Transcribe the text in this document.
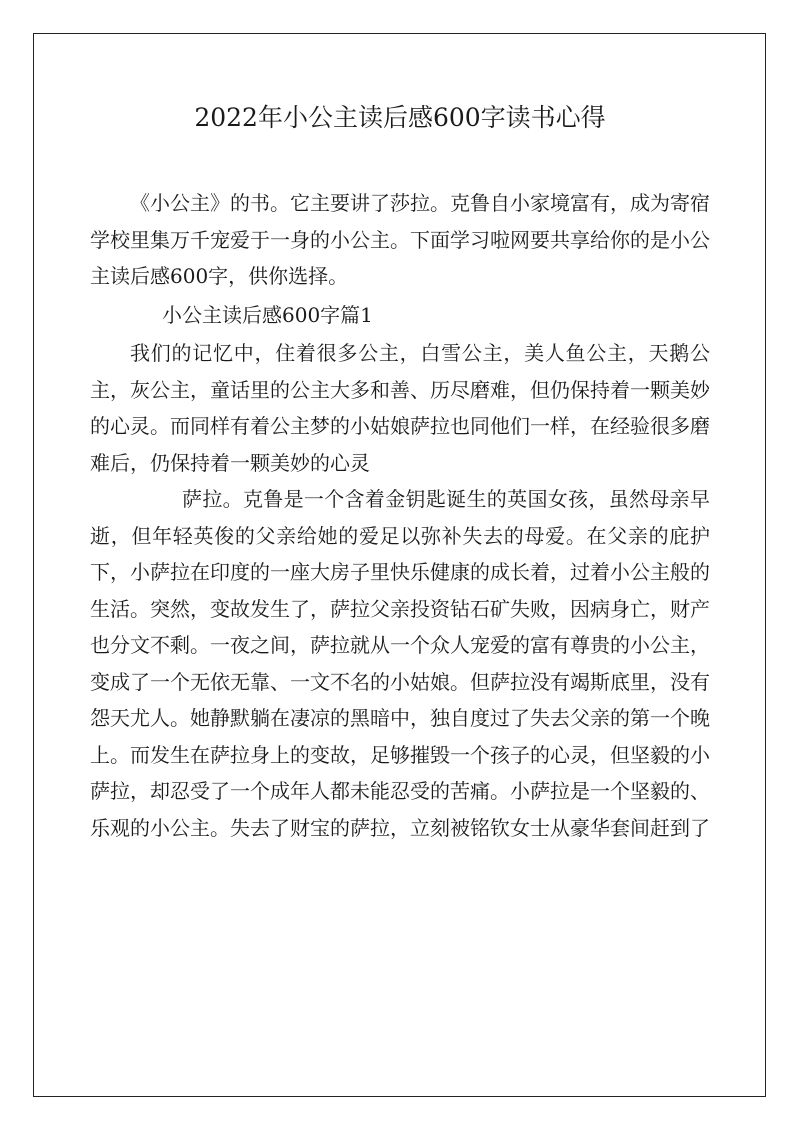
2022年小公主读后感600字读书心得

《小公主》的书。它主要讲了莎拉。克鲁自小家境富有，成为寄宿学校里集万千宠爱于一身的小公主。下面学习啦网要共享给你的是小公主读后感600字，供你选择。

小公主读后感600字篇1

我们的记忆中，住着很多公主，白雪公主，美人鱼公主，天鹅公主，灰公主，童话里的公主大多和善、历尽磨难，但仍保持着一颗美妙的心灵。而同样有着公主梦的小姑娘萨拉也同他们一样，在经验很多磨难后，仍保持着一颗美妙的心灵

萨拉。克鲁是一个含着金钥匙诞生的英国女孩，虽然母亲早逝，但年轻英俊的父亲给她的爱足以弥补失去的母爱。在父亲的庇护下，小萨拉在印度的一座大房子里快乐健康的成长着，过着小公主般的生活。突然，变故发生了，萨拉父亲投资钻石矿失败，因病身亡，财产也分文不剩。一夜之间，萨拉就从一个众人宠爱的富有尊贵的小公主，变成了一个无依无靠、一文不名的小姑娘。但萨拉没有竭斯底里，没有怨天尤人。她静默躺在凄凉的黑暗中，独自度过了失去父亲的第一个晚上。而发生在萨拉身上的变故，足够摧毁一个孩子的心灵，但坚毅的小萨拉，却忍受了一个成年人都未能忍受的苦痛。小萨拉是一个坚毅的、乐观的小公主。失去了财宝的萨拉，立刻被铭钦女士从豪华套间赶到了
